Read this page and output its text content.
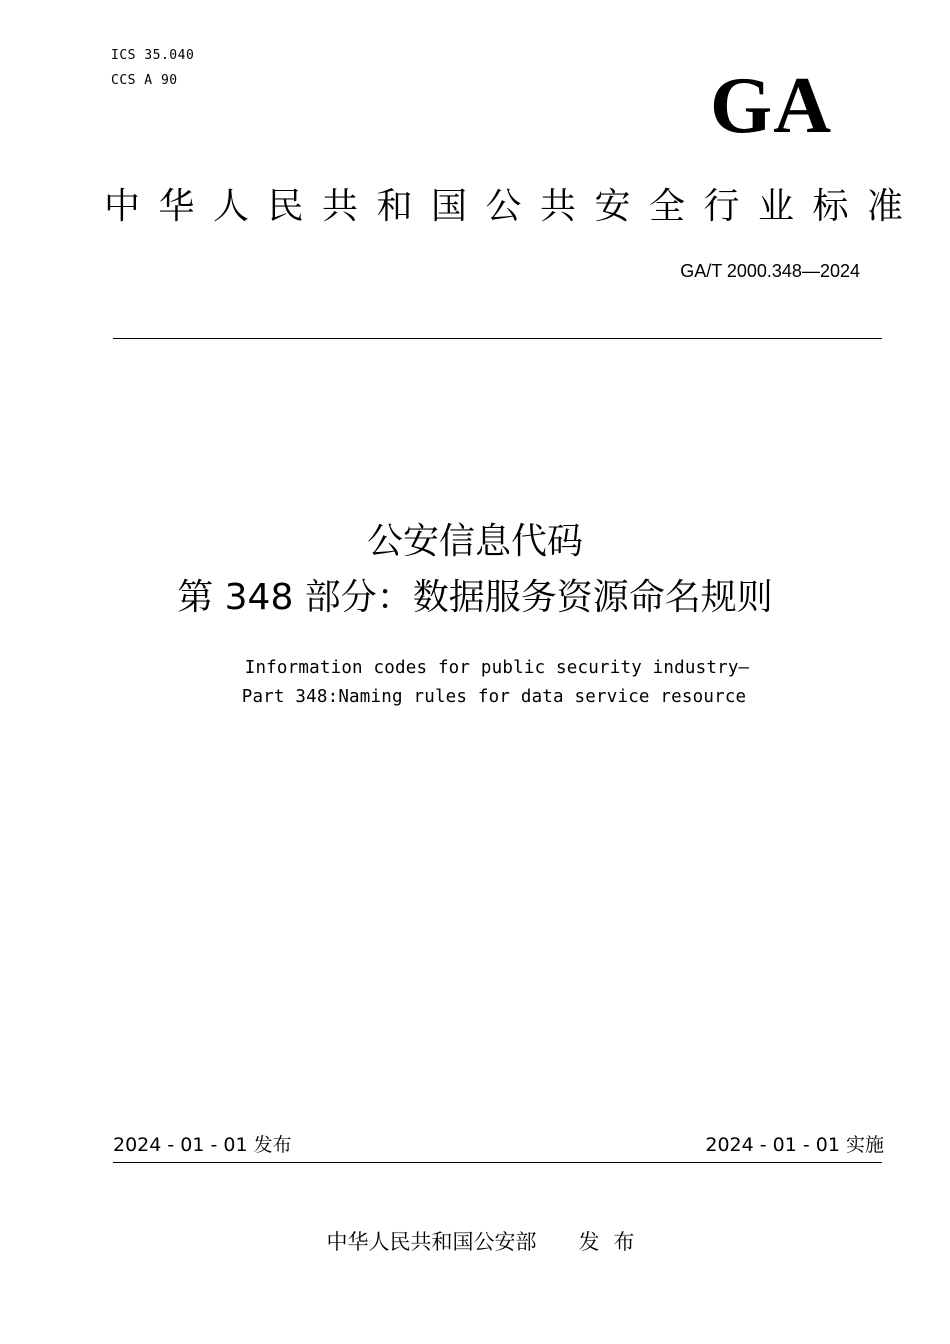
ICS 35.040
CCS A 90	GA
中华人民共和国公共安全行业标准
GA/T 2000.348—2024
公安信息代码
第 348 部分：数据服务资源命名规则
Information codes for public security industry—
Part 348:Naming rules for data service resource
2024 - 01 - 01 发布	2024 - 01 - 01 实施
中华人民共和国公安部 发布
